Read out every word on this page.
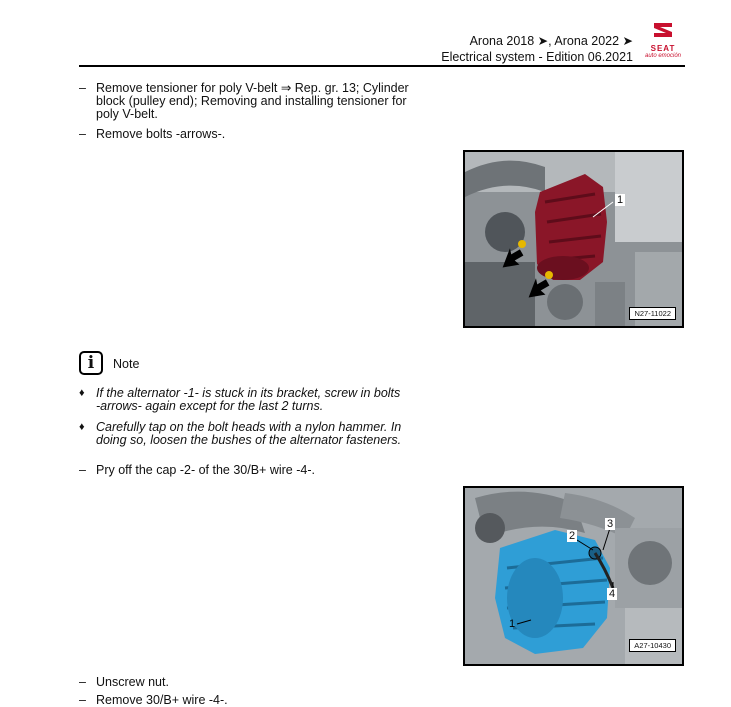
Arona 2018 ➤, Arona 2022 ➤
Electrical system - Edition 06.2021
SEAT
auto emoción
– Remove tensioner for poly V-belt ⇒ Rep. gr. 13; Cylinder
block (pulley end); Removing and installing tensioner for
poly V-belt.
– Remove bolts -arrows-.
1
N27-11022
i	Note
♦ If the alternator -1- is stuck in its bracket, screw in bolts
-arrows- again except for the last 2 turns.
♦ Carefully tap on the bolt heads with a nylon hammer. In
doing so, loosen the bushes of the alternator fasteners.
– Pry off the cap -2- of the 30/B+ wire -4-.
2
3
4
1
A27-10430
– Unscrew nut.
– Remove 30/B+ wire -4-.
